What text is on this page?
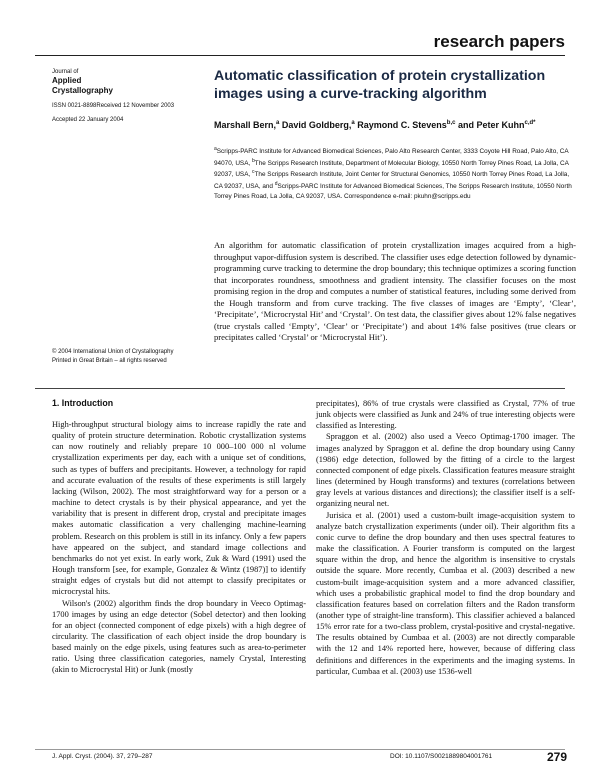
research papers
Journal of
Applied
Crystallography
ISSN 0021-8898Received 12 November 2003
Accepted 22 January 2004
Automatic classification of protein crystallization images using a curve-tracking algorithm
Marshall Bern,$^a$ David Goldberg,$^a$ Raymond C. Stevens$^{b,c}$ and Peter Kuhn$^{c,d*}$
$^a$Scripps-PARC Institute for Advanced Biomedical Sciences, Palo Alto Research Center, 3333 Coyote Hill Road, Palo Alto, CA 94070, USA, $^b$The Scripps Research Institute, Department of Molecular Biology, 10550 North Torrey Pines Road, La Jolla, CA 92037, USA, $^c$The Scripps Research Institute, Joint Center for Structural Genomics, 10550 North Torrey Pines Road, La Jolla, CA 92037, USA, and $^d$Scripps-PARC Institute for Advanced Biomedical Sciences, The Scripps Research Institute, 10550 North Torrey Pines Road, La Jolla, CA 92037, USA. Correspondence e-mail: pkuhn@scripps.edu
An algorithm for automatic classification of protein crystallization images acquired from a high-throughput vapor-diffusion system is described. The classifier uses edge detection followed by dynamic-programming curve tracking to determine the drop boundary; this technique optimizes a scoring function that incorporates roundness, smoothness and gradient intensity. The classifier focuses on the most promising region in the drop and computes a number of statistical features, including some derived from the Hough transform and from curve tracking. The five classes of images are ‘Empty’, ‘Clear’, ‘Precipitate’, ‘Microcrystal Hit’ and ‘Crystal’. On test data, the classifier gives about 12% false negatives (true crystals called ‘Empty’, ‘Clear’ or ‘Precipitate’) and about 14% false positives (true clears or precipitates called ‘Crystal’ or ‘Microcrystal Hit’).
© 2004 International Union of Crystallography
Printed in Great Britain – all rights reserved
1. Introduction

High-throughput structural biology aims to increase rapidly the rate and quality of protein structure determination. Robotic crystallization systems can now routinely and reliably prepare 10 000–100 000 nl volume crystallization experiments per day, each with a unique set of conditions, such as types of buffers and precipitants. However, a technology for rapid and accurate evaluation of the results of these experiments is still largely lacking (Wilson, 2002). The most straightforward way for a person or a machine to detect crystals is by their physical appearance, and yet the variability that is present in different drop, crystal and precipitate images makes automatic classification a very challenging machine-learning problem. Research on this problem is still in its infancy. Only a few papers have appeared on the subject, and standard image collections and benchmarks do not yet exist. In early work, Zuk & Ward (1991) used the Hough transform [see, for example, Gonzalez & Wintz (1987)] to identify straight edges of crystals but did not attempt to classify precipitates or microcrystal hits.

Wilson's (2002) algorithm finds the drop boundary in Veeco Optimag-1700 images by using an edge detector (Sobel detector) and then looking for an object (connected component of edge pixels) with a high degree of circularity. The classification of each object inside the drop boundary is based mainly on the edge pixels, using features such as area-to-perimeter ratio. Using three classification categories, namely Crystal, Interesting (akin to Microcrystal Hit) or Junk (mostly

precipitates), 86% of true crystals were classified as Crystal, 77% of true junk objects were classified as Junk and 24% of true interesting objects were classified as Interesting.

Spraggon et al. (2002) also used a Veeco Optimag-1700 imager. The images analyzed by Spraggon et al. define the drop boundary using Canny (1986) edge detection, followed by the fitting of a circle to the largest connected component of edge pixels. Classification features measure straight lines (determined by Hough transforms) and textures (correlations between gray levels at various distances and directions); the classifier itself is a self-organizing neural net.

Jurisica et al. (2001) used a custom-built image-acquisition system to analyze batch crystallization experiments (under oil). Their algorithm fits a conic curve to define the drop boundary and then uses spectral features to make the classification. A Fourier transform is computed on the largest square within the drop, and hence the algorithm is insensitive to crystals outside the square. More recently, Cumbaa et al. (2003) described a new custom-built image-acquisition system and a more advanced classifier, which uses a probabilistic graphical model to find the drop boundary and classification features based on correlation filters and the Radon transform (another type of straight-line transform). This classifier achieved a balanced 15% error rate for a two-class problem, crystal-positive and crystal-negative. The results obtained by Cumbaa et al. (2003) are not directly comparable with the 12 and 14% reported here, however, because of differing class definitions and differences in the experiments and the imaging systems. In particular, Cumbaa et al. (2003) use 1536-well

J. Appl. Cryst. (2004). 37, 279–287	DOI: 10.1107/S0021889804001761	279
